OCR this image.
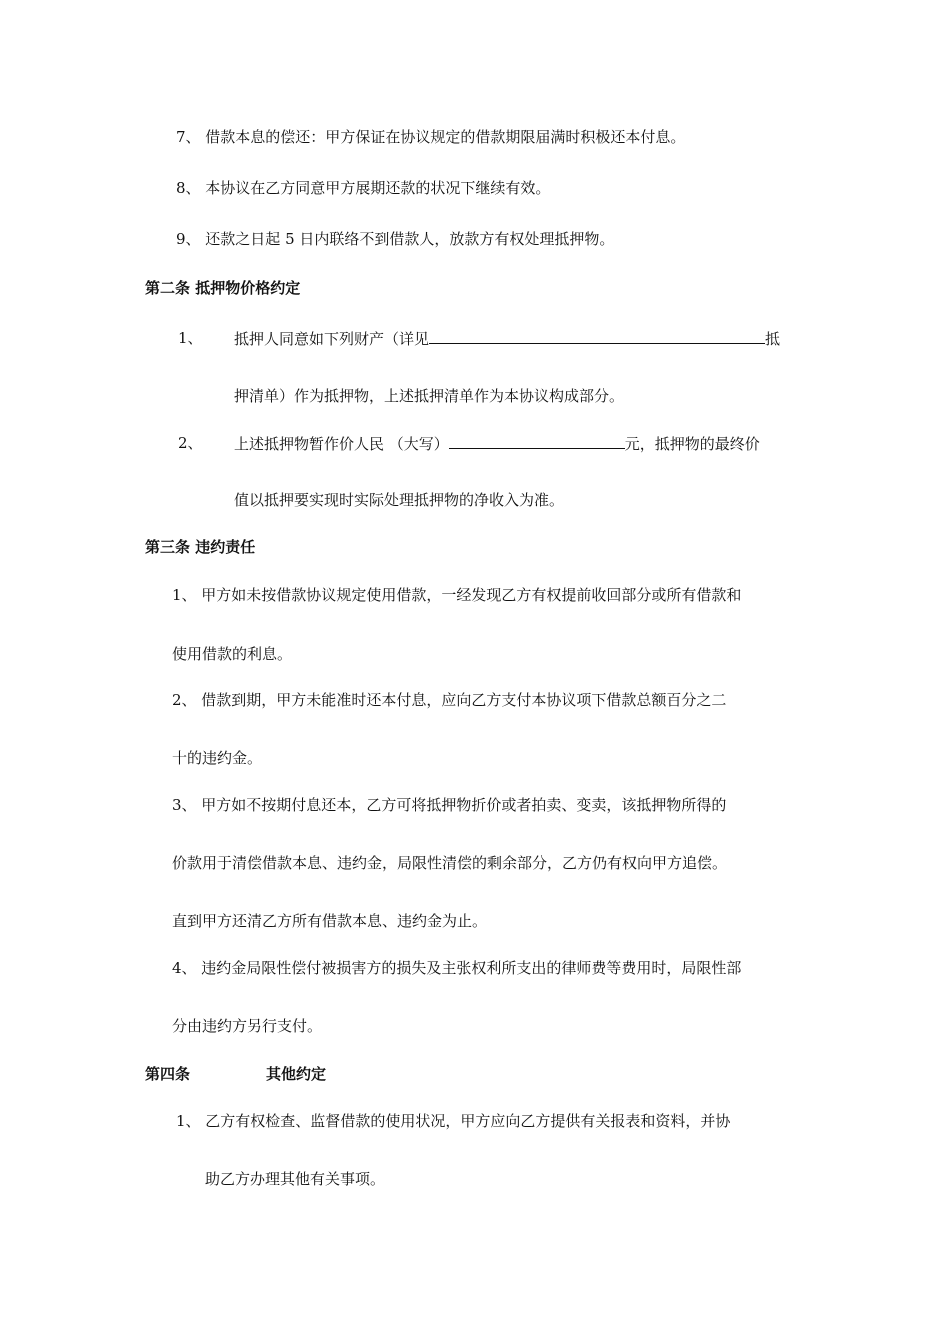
7、 借款本息的偿还：甲方保证在协议规定的借款期限届满时积极还本付息。
8、 本协议在乙方同意甲方展期还款的状况下继续有效。
9、 还款之日起 5 日内联络不到借款人，放款方有权处理抵押物。
第二条 抵押物价格约定
1、 抵押人同意如下列财产（详见	抵
押清单）作为抵押物，上述抵押清单作为本协议构成部分。
2、 上述抵押物暂作价人民 （大写）	元，抵押物的最终价
值以抵押要实现时实际处理抵押物的净收入为准。
第三条 违约责任
1、 甲方如未按借款协议规定使用借款，一经发现乙方有权提前收回部分或所有借款和
使用借款的利息。
2、 借款到期，甲方未能准时还本付息，应向乙方支付本协议项下借款总额百分之二
十的违约金。
3、 甲方如不按期付息还本，乙方可将抵押物折价或者拍卖、变卖，该抵押物所得的
价款用于清偿借款本息、违约金，局限性清偿的剩余部分，乙方仍有权向甲方追偿。
直到甲方还清乙方所有借款本息、违约金为止。
4、 违约金局限性偿付被损害方的损失及主张权利所支出的律师费等费用时，局限性部
分由违约方另行支付。
第四条	其他约定
1、 乙方有权检查、监督借款的使用状况，甲方应向乙方提供有关报表和资料，并协
助乙方办理其他有关事项。
